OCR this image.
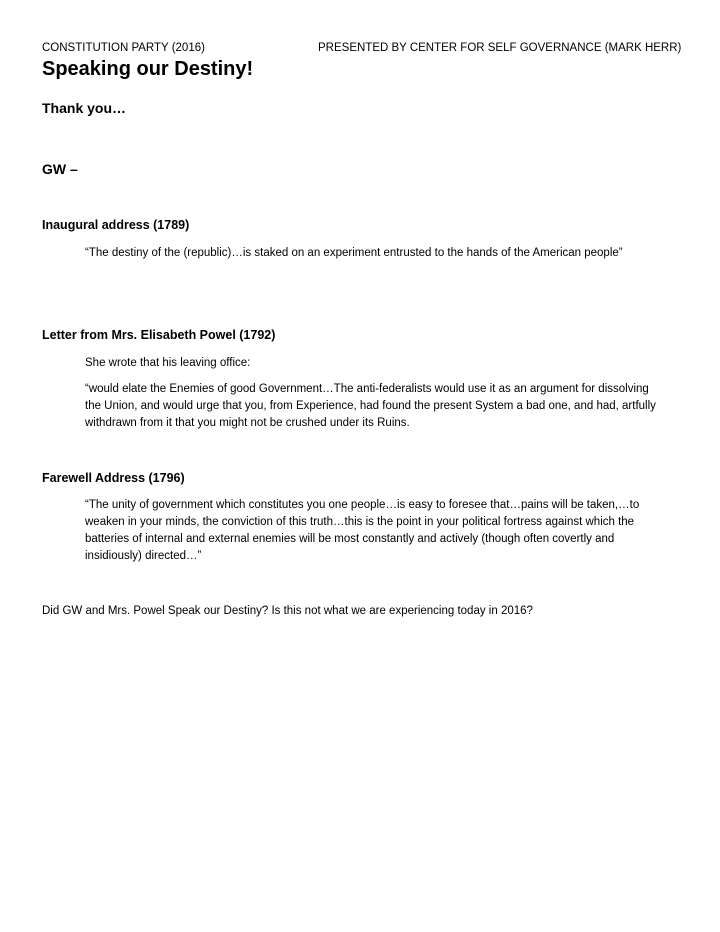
CONSTITUTION PARTY (2016)	PRESENTED BY CENTER FOR SELF GOVERNANCE (MARK HERR)
Speaking our Destiny!
Thank you…
GW –
Inaugural address (1789)
“The destiny of the (republic)…is staked on an experiment entrusted to the hands of the American people”
Letter from Mrs. Elisabeth Powel (1792)
She wrote that his leaving office:
“would elate the Enemies of good Government…The anti-federalists would use it as an argument for dissolving
the Union, and would urge that you, from Experience, had found the present System a bad one, and had, artfully
withdrawn from it that you might not be crushed under its Ruins.
Farewell Address (1796)
“The unity of government which constitutes you one people…is easy to foresee that…pains will be taken,…to
weaken in your minds, the conviction of this truth…this is the point in your political fortress against which the
batteries of internal and external enemies will be most constantly and actively (though often covertly and
insidiously) directed…”
Did GW and Mrs. Powel Speak our Destiny? Is this not what we are experiencing today in 2016?
